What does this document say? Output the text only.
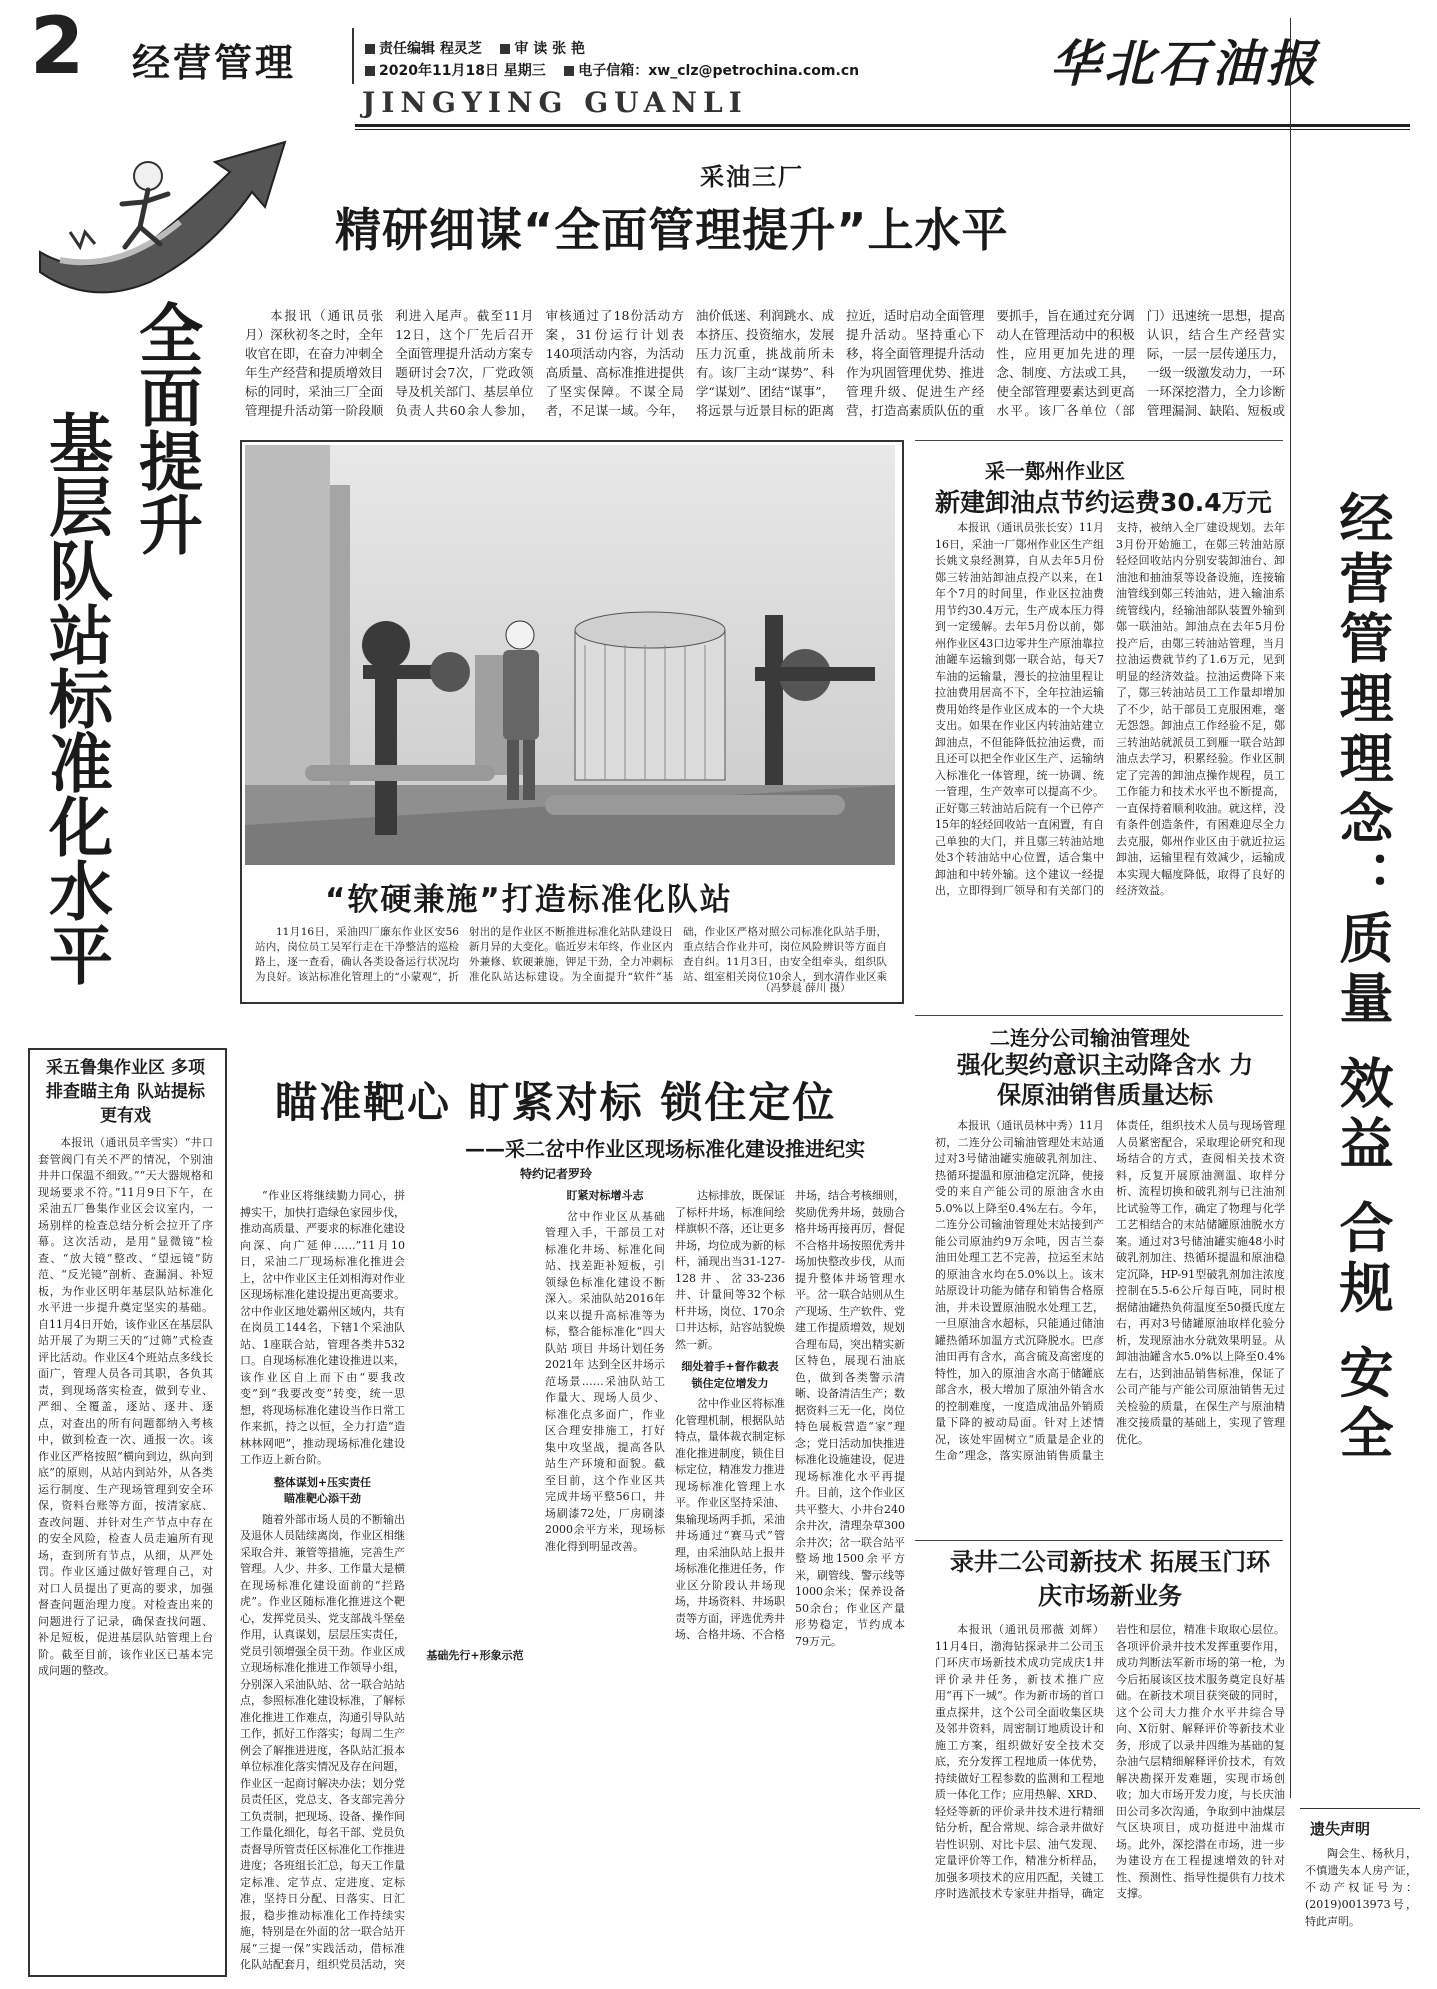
2 经营管理	责任编辑 程灵芝 审 读 张 艳
2020年11月18日 星期三 电子信箱：xw_clz@petrochina.com.cn
JINGYING GUANLI
华北石油报
全面提升
基层队站标准化水平
采油三厂
精研细谋“全面管理提升”上水平

本报讯（通讯员张月）深秋初冬之时，全年收官在即，在奋力冲刺全年生产经营和提质增效目标的同时，采油三厂全面管理提升活动第一阶段顺利进入尾声。截至11月12日，这个厂先后召开全面管理提升活动方案专题研讨会7次，厂党政领导及机关部门、基层单位负责人共60余人参加，审核通过了18份活动方案，31份运行计划表140项活动内容，为活动高质量、高标准推进提供了坚实保障。不谋全局者，不足谋一域。今年，油价低迷、利润跳水、成本挤压、投资缩水，发展压力沉重，挑战前所未有。该厂主动“谋势”、科学“谋划”、团结“谋事”，将远景与近景目标的距离拉近，适时启动全面管理提升活动。坚持重心下移，将全面管理提升活动作为巩固管理优势、推进管理升级、促进生产经营，打造高素质队伍的重要抓手，旨在通过充分调动人在管理活动中的积极性，应用更加先进的理念、制度、方法或工具，使全部管理要素达到更高水平。该厂各单位（部门）迅速统一思想，提高认识，结合生产经营实际，一层一层传递压力，一级一级激发动力，一环一环深挖潜力，全力诊断管理漏洞、缺陷、短板或

经营管理理念：质量 效益 合规 安全
“软硬兼施”打造标准化队站

11月16日，采油四厂廉东作业区安56站内，岗位员工吴军行走在干净整洁的巡检路上，逐一查看，确认各类设备运行状况均为良好。该站标准化管理上的“小蒙观”，折射出的是作业区不断推进标准化站队建设日新月异的大变化。临近岁末年终，作业区内外兼修、软硬兼施，钾足干劲，全力冲刺标准化队站达标建设。为全面提升“软件”基础，作业区严格对照公司标准化队站手册，重点结合作业井可，岗位风险辨识等方面自查自纠。11月3日，由安全组牵头，组织队站、组室相关岗位10余人，到水清作业区乘

（冯梦晨 薛川 摄）
采一鄚州作业区
新建卸油点节约运费30.4万元

本报讯（通讯员张长安）11月16日，采油一厂鄚州作业区生产组长姚文泉经测算，自从去年5月份鄚三转油站卸油点投产以来，在1年个7月的时间里，作业区拉油费用节约30.4万元，生产成本压力得到一定缓解。去年5月份以前，鄚州作业区43口边零井生产原油靠拉油罐车运输到鄚一联合站，每天7车油的运输量，漫长的拉油里程让拉油费用居高不下，全年拉油运输费用始终是作业区成本的一个大块支出。如果在作业区内转油站建立卸油点，不但能降低拉油运费，而且还可以把全作业区生产、运输纳入标准化一体管理，统一协调、统一管理，生产效率可以提高不少。正好鄚三转油站后院有一个已停产15年的轻烃回收站一直闲置，有自己单独的大门，并且鄚三转油站地处3个转油站中心位置，适合集中卸油和中转外输。这个建议一经提出，立即得到厂领导和有关部门的支持，被纳入全厂建设规划。去年3月份开始施工，在鄚三转油站原轻烃回收站内分别安装卸油台、卸油池和抽油泵等设备设施，连接输油管线到鄚三转油站，进入输油系统管线内，经输油部队装置外输到鄚一联油站。卸油点在去年5月份投产后，由鄚三转油站管理，当月拉油运费就节约了1.6万元，见到明显的经济效益。拉油运费降下来了，鄚三转油站员工工作量却增加了不少，站干部员工克服困难，毫无怨怨。卸油点工作经验不足，鄚三转油站就派员工到雁一联合站卸油点去学习，积累经验。作业区制定了完善的卸油点操作规程，员工工作能力和技术水平也不断提高，一直保持着顺利收油。就这样，没有条件创造条件，有困难迎尽全力去克服，鄚州作业区由于就近拉运卸油，运输里程有效减少，运输成本实现大幅度降低，取得了良好的经济效益。

二连分公司输油管理处
强化契约意识主动降含水 力保原油销售质量达标

本报讯（通讯员林中秀）11月初，二连分公司输油管理处末站通过对3号储油罐实施破乳剂加注、热循环提温和原油稳定沉降，使接受的来自产能公司的原油含水由5.0%以上降至0.4%左右。今年，二连分公司输油管理处末站接到产能公司原油约9万余吨，因吉兰泰油田处理工艺不完善，拉运至末站的原油含水均在5.0%以上。该末站原设计功能为储存和销售合格原油，并未设置原油脱水处理工艺，一旦原油含水超标，只能通过储油罐热循环加温方式沉降脱水。巴彦油田再有含水，高含硫及高密度的特性，加入的原油含水高于储罐底部含水，极大增加了原油外销含水的控制难度，一度造成油品外销质量下降的被动局面。针对上述情况，该处牢固树立“质量是企业的生命”理念，落实原油销售质量主体责任，组织技术人员与现场管理人员紧密配合，采取理论研究和现场结合的方式，查阅相关技术资料，反复开展原油测温、取样分析、流程切换和破乳剂与已注油剂比试验等工作，确定了物理与化学工艺相结合的末站储罐原油脱水方案。通过对3号储油罐实施48小时破乳剂加注、热循环提温和原油稳定沉降，HP-91型破乳剂加注浓度控制在5.5-6公斤每百吨，同时根据储油罐热负荷温度至50摄氏度左右，再对3号储罐原油取样化验分析，发现原油水分就效果明显。从卸油油罐含水5.0%以上降至0.4%左右，达到油品销售标准，保证了公司产能与产能公司原油销售无过关检验的质量，在保生产与原油精准交接质量的基础上，实现了管理优化。

录井二公司新技术 拓展玉门环庆市场新业务

本报讯（通讯员邢薇 刘辉）11月4日，渤海钻探录井二公司玉门环庆市场新技术成功完成庆1井评价录井任务，新技术推广应用“再下一城”。作为新市场的首口重点探井，这个公司全面收集区块及邻井资料，周密制订地质设计和施工方案，组织做好安全技术交底，充分发挥工程地质一体优势，持续做好工程参数的监测和工程地质一体化工作；应用热解、XRD、轻烃等新的评价录井技术进行精细钻分析，配合常规、综合录井做好岩性识别、对比卡层、油气发现、定量评价等工作，精准分析样品，加强多项技术的应用匹配，关键工序时选派技术专家驻井指导，确定岩性和层位，精准卡取取心层位。各项评价录井技术发挥重要作用，成功判断法军新市场的第一枪，为今后拓展该区技术服务奠定良好基础。在新技术项目获突破的同时，这个公司大力推介水平井综合导向、X衍射、解释评价等新技术业务，形成了以录井四维为基础的复杂油气层精细解释评价技术，有效解决勘探开发难题，实现市场创收；加大市场开发力度，与长庆油田公司多次沟通，争取到中油煤层气区块项目，成功挺进中油煤市场。此外，深挖潜在市场，进一步为建设方在工程提速增效的针对性、预测性、指导性提供有力技术支撑。

采五鲁集作业区 多项排查瞄主角 队站提标更有戏

本报讯（通讯员辛雪实）“井口套管阀门有关不严的情况，个别油井井口保温不细致。”“天大器规格和现场要求不符。”11月9日下午，在采油五厂鲁集作业区会议室内，一场别样的检查总结分析会拉开了序幕。这次活动，是用“显微镜”检查、“放大镜”整改、“望远镜”防范、“反光镜”剖析、查漏洞、补短板，为作业区明年基层队站标准化水平进一步提升奠定坚实的基础。自11月4日开始，该作业区在基层队站开展了为期三天的“过筛”式检查评比活动。作业区4个班站点多线长面广，管理人员各司其职，各负其责，到现场落实检查，做到专业、严细、全覆盖，逐站、逐井、逐点，对查出的所有问题都纳入考核中，做到检查一次、通报一次。该作业区严格按照“横向到边，纵向到底”的原则，从站内到站外，从各类运行制度、生产现场管理到安全环保，资料台账等方面，按清家底、查改问题、并针对生产节点中存在的安全风险，检查人员走遍所有现场，查到所有节点，从细，从严处罚。作业区通过做好管理自己，对对口人员提出了更高的要求，加强督查问题治理力度。对检查出来的问题进行了记录，确保查找问题、补足短板，促进基层队站管理上台阶。截至目前，该作业区已基本完成问题的整改。

瞄准靶心 盯紧对标 锁住定位
——采二岔中作业区现场标准化建设推进纪实
特约记者罗玲

“作业区将继续勤力同心，拼搏实干，加快打造绿色家园步伐，推动高质量、严要求的标准化建设向深、向广延伸……”11月10日，采油二厂现场标准化推进会上，岔中作业区主任刘相海对作业区现场标准化建设提出更高要求。岔中作业区地处霸州区域内，共有在岗员工144名，下辖1个采油队站、1座联合站，管理各类井532口。自现场标准化建设推进以来，该作业区自上而下由“要我改变”到“我要改变”转变，统一思想，将现场标准化建设当作日常工作来抓，持之以恒，全力打造“造林林网吧”，推动现场标准化建设工作迈上新台阶。

整体谋划+压实责任
瞄准靶心添干劲

随着外部市场人员的不断输出及退休人员陆续离岗，作业区相继采取合并、兼管等措施，完善生产管理。人少、井多、工作量大是横在现场标准化建设面前的“拦路虎”。作业区随标准化推进这个靶心，发挥党员头、党支部战斗堡垒作用，认真谋划，层层压实责任，党员引领增强全员干劲。作业区成立现场标准化推进工作领导小组，分别深入采油队站、岔一联合站站点，参照标准化建设标准，了解标准化推进工作难点，沟通引导队站工作，抓好工作落实；每周二生产例会了解推进进度，各队站汇报本单位标准化落实情况及存在问题，作业区一起商讨解决办法；划分党员责任区，党总支、各支部完善分工负责制，把现场、设备、操作间工作量化细化，每名干部、党员负责督导所管责任区标准化工作推进进度；各班组长汇总，每天工作量定标准、定节点、定进度、定标准，坚持日分配、日落实、日汇报，稳步推动标准化工作持续实施，特别是在外面的岔一联合站开展“三提一保”实践活动，借标准化队站配套月，组织党员活动，突

基础先行+形象示范
盯紧对标增斗志

岔中作业区从基础管理入手，干部员工对标准化井场、标准化间站、找差距补短板，引领绿色标准化建设不断深入。采油队站2016年以来以提升高标准等为标，整合能标准化“四大队站 项目 井场计划任务 2021年 达到全区井场示范场景……采油队站工作量大、现场人员少、标准化点多面广，作业区合理安排施工，打好集中攻坚战，提高各队站生产环境和面貌。截至目前，这个作业区共完成井场平整56口，井场刷漆72处，厂房刷漆2000余平方米，现场标准化得到明显改善。

达标排放，既保证了标杆井场，标准间绘样旗帜不落，还让更多井场，均位成为新的标杆，涌现出当31-127-128井、岔33-236井、计量间等32个标杆井场，岗位、170余口井达标，站容站貌焕然一新。

细处着手+督作截表
锁住定位增发力

岔中作业区将标准化管理机制，根据队站特点，量体裁衣制定标准化推进制度，锁住目标定位，精准发力推进现场标准化管理上水平。作业区坚持采油、集输现场两手抓，采油井场通过“赛马式”管理，由采油队站上报井场标准化推进任务，作业区分阶段认井场现场，井场资料、井场职责等方面，评选优秀井场、合格井场、不合格井场，结合考核细则，奖励优秀井场，鼓励合格井场再接再厉，督促不合格井场按照优秀井场加快整改步伐，从而提升整体井场管理水平。岔一联合站则从生产现场、生产软件、党建工作提质增效，规划合理布局，突出精实新区特色，展现石油底色，做到各类警示清晰、设备清洁生产；数据资料三无一化，岗位特色展板营造“家”理念；党日活动加快推进标准化设施建设，促进现场标准化水平再提升。目前，这个作业区共平整大、小井台240余井次，清理杂草300余井次；岔一联合站平整场地1500余平方米，刷管线、警示线等1000余米；保养设备50余台；作业区产量形势稳定，节约成本79万元。

遗失声明

陶会生、杨秋月，不慎遗失本人房产证，不动产权证号为：(2019)0013973号，特此声明。
